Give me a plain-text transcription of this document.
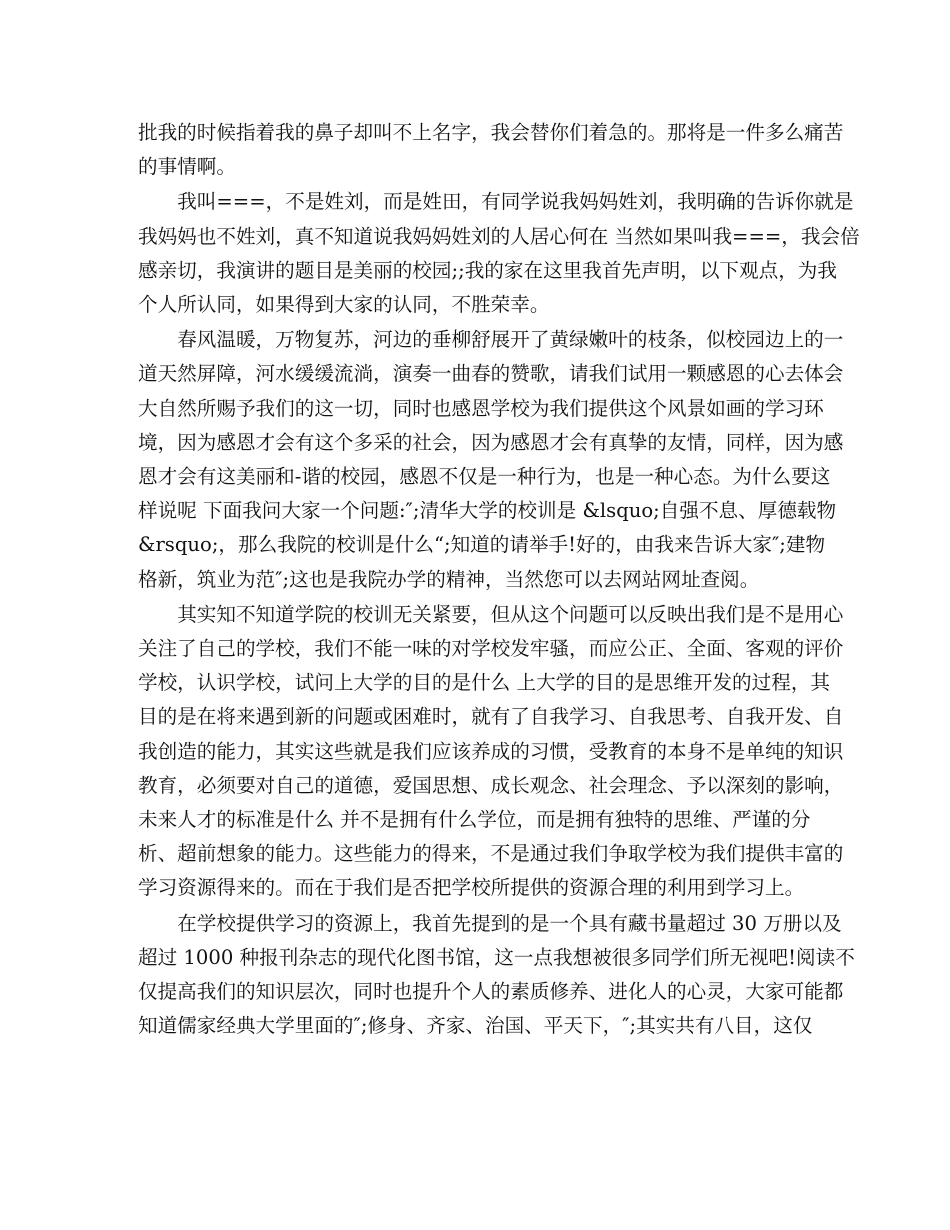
批我的时候指着我的鼻子却叫不上名字，我会替你们着急的。那将是一件多么痛苦
的事情啊。

我叫===，不是姓刘，而是姓田，有同学说我妈妈姓刘，我明确的告诉你就是
我妈妈也不姓刘，真不知道说我妈妈姓刘的人居心何在 当然如果叫我===，我会倍
感亲切，我演讲的题目是美丽的校园;;我的家在这里我首先声明，以下观点，为我
个人所认同，如果得到大家的认同，不胜荣幸。

春风温暖，万物复苏，河边的垂柳舒展开了黄绿嫩叶的枝条，似校园边上的一
道天然屏障，河水缓缓流淌，演奏一曲春的赞歌，请我们试用一颗感恩的心去体会
大自然所赐予我们的这一切，同时也感恩学校为我们提供这个风景如画的学习环
境，因为感恩才会有这个多采的社会，因为感恩才会有真挚的友情，同样，因为感
恩才会有这美丽和-谐的校园，感恩不仅是一种行为，也是一种心态。为什么要这
样说呢 下面我问大家一个问题:″;清华大学的校训是 &lsquo;自强不息、厚德载物
&rsquo;，那么我院的校训是什么“;知道的请举手!好的，由我来告诉大家″;建物
格新，筑业为范″;这也是我院办学的精神，当然您可以去网站网址查阅。

其实知不知道学院的校训无关紧要，但从这个问题可以反映出我们是不是用心
关注了自己的学校，我们不能一味的对学校发牢骚，而应公正、全面、客观的评价
学校，认识学校，试问上大学的目的是什么 上大学的目的是思维开发的过程，其
目的是在将来遇到新的问题或困难时，就有了自我学习、自我思考、自我开发、自
我创造的能力，其实这些就是我们应该养成的习惯，受教育的本身不是单纯的知识
教育，必须要对自己的道德，爱国思想、成长观念、社会理念、予以深刻的影响，
未来人才的标准是什么 并不是拥有什么学位，而是拥有独特的思维、严谨的分
析、超前想象的能力。这些能力的得来，不是通过我们争取学校为我们提供丰富的
学习资源得来的。而在于我们是否把学校所提供的资源合理的利用到学习上。

在学校提供学习的资源上，我首先提到的是一个具有藏书量超过 30 万册以及
超过 1000 种报刊杂志的现代化图书馆，这一点我想被很多同学们所无视吧!阅读不
仅提高我们的知识层次，同时也提升个人的素质修养、进化人的心灵，大家可能都
知道儒家经典大学里面的″;修身、齐家、治国、平天下，″;其实共有八目，这仅
